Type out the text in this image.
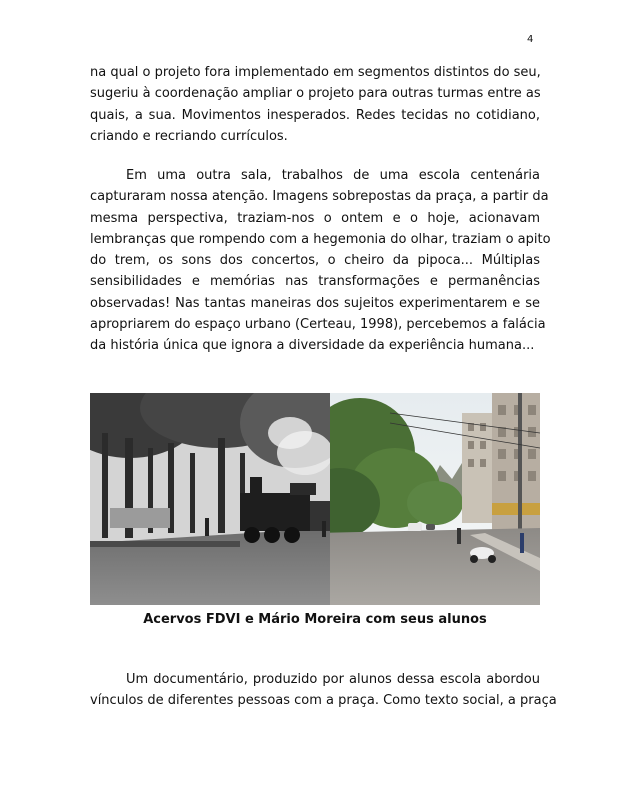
4
na qual o projeto fora implementado em segmentos distintos do seu,
sugeriu à coordenação ampliar o projeto para outras turmas entre as
quais, a sua. Movimentos inesperados. Redes tecidas no cotidiano,
criando e recriando currículos.
Em uma outra sala, trabalhos de uma escola centenária
capturaram nossa atenção. Imagens sobrepostas da praça, a partir da
mesma perspectiva, traziam-nos o ontem e o hoje, acionavam
lembranças que rompendo com a hegemonia do olhar, traziam o apito
do trem, os sons dos concertos, o cheiro da pipoca... Múltiplas
sensibilidades e memórias nas transformações e permanências
observadas! Nas tantas maneiras dos sujeitos experimentarem e se
apropriarem do espaço urbano (Certeau, 1998), percebemos a falácia
da história única que ignora a diversidade da experiência humana...
Acervos FDVI e Mário Moreira com seus alunos
Um documentário, produzido por alunos dessa escola abordou
vínculos de diferentes pessoas com a praça. Como texto social, a praça
